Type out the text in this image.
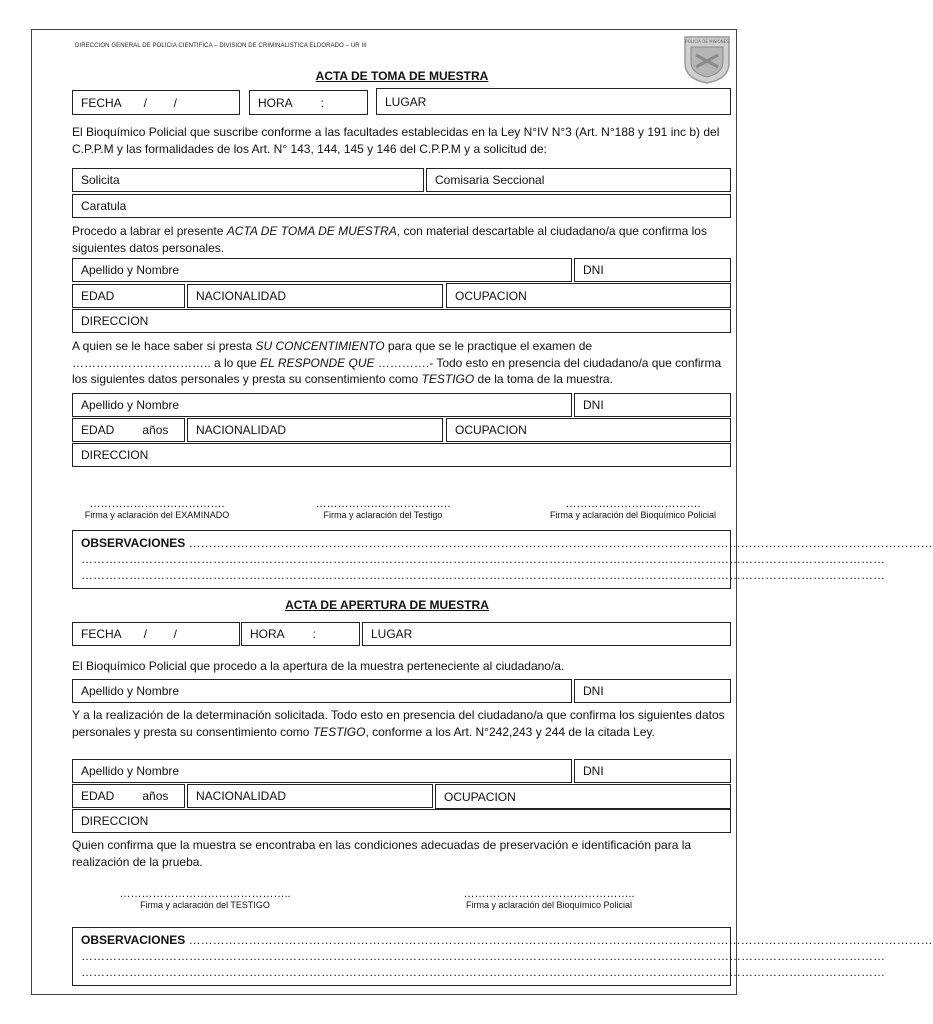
DIRECCION GENERAL DE POLICIA CIENTIFICA – DIVISION DE CRIMINALISTICA ELDORADO – UR III
POLICIA DE MISIONES
ACTA DE TOMA DE MUESTRA
FECHA /        /	HORA :	LUGAR
El Bioquímico Policial que suscribe conforme a las facultades establecidas en la Ley N°IV N°3 (Art. N°188 y 191 inc b) del C.P.P.M y las formalidades de los Art. N° 143, 144, 145 y 146 del C.P.P.M y a solicitud de:
Solicita	Comisaria Seccional
Caratula
Procedo a labrar el presente ACTA DE TOMA DE MUESTRA, con material descartable al ciudadano/a que confirma los siguientes datos personales.
Apellido y Nombre	DNI
EDAD	NACIONALIDAD	OCUPACION
DIRECCION
A quien se le hace saber si presta SU CONCENTIMIENTO para que se le practique el examen de …………………………….. a lo que EL RESPONDE QUE ………….- Todo esto en presencia del ciudadano/a que confirma los siguientes datos personales y presta su consentimiento como TESTIGO de la toma de la muestra.
Apellido y Nombre	DNI
EDAD años NACIONALIDAD	OCUPACION
DIRECCION
……………………………….
Firma y aclaración del EXAMINADO
……………………………….
Firma y aclaración del Testigo
……………………………….
Firma y aclaración del Bioquímico Policial
OBSERVACIONES ……………………………………………………………………………………………………………………………………………………………………
…………………………………………………………………………………………………………………………………………………………………………………
…………………………………………………………………………………………………………………………………………………………………………………
ACTA DE APERTURA DE MUESTRA
FECHA /        /	HORA :	LUGAR
El Bioquímico Policial que procedo a la apertura de la muestra perteneciente al ciudadano/a.
Apellido y Nombre	DNI
Y a la realización de la determinación solicitada. Todo esto en presencia del ciudadano/a que confirma los siguientes datos personales y presta su consentimiento como TESTIGO, conforme a los Art. N°242,243 y 244 de la citada Ley.
Apellido y Nombre	DNI
EDAD años NACIONALIDAD	OCUPACION
DIRECCION
Quien confirma que la muestra se encontraba en las condiciones adecuadas de preservación e identificación para la realización de la prueba.
………………………………………..
Firma y aclaración del TESTIGO
………………………………………..
Firma y aclaración del Bioquímico Policial
OBSERVACIONES ……………………………………………………………………………………………………………………………………………………………………
…………………………………………………………………………………………………………………………………………………………………………………
…………………………………………………………………………………………………………………………………………………………………………………
